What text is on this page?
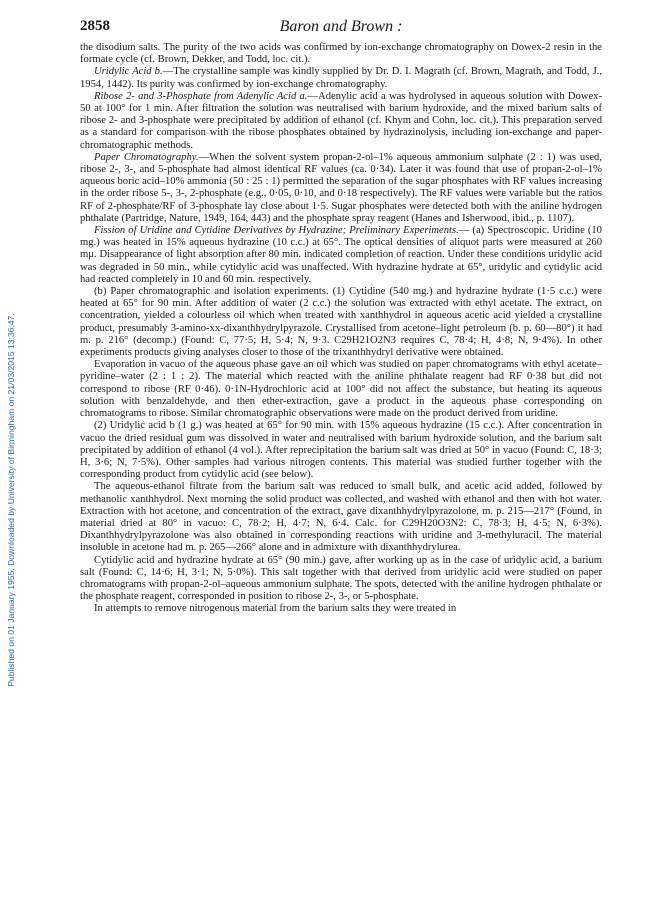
Published on 01 January 1955. Downloaded by University of Birmingham on 21/03/2015 13:36:47.
2858	Baron and Brown :

the disodium salts. The purity of the two acids was confirmed by ion-exchange chromatography on Dowex-2 resin in the formate cycle (cf. Brown, Dekker, and Todd, loc. cit.).

Uridylic Acid b.—The crystalline sample was kindly supplied by Dr. D. I. Magrath (cf. Brown, Magrath, and Todd, J., 1954, 1442). Its purity was confirmed by ion-exchange chromatography.

Ribose 2- and 3-Phosphate from Adenylic Acid a.—Adenylic acid a was hydrolysed in aqueous solution with Dowex-50 at 100° for 1 min. After filtration the solution was neutralised with barium hydroxide, and the mixed barium salts of ribose 2- and 3-phosphate were precipitated by addition of ethanol (cf. Khym and Cohn, loc. cit.). This preparation served as a standard for comparison with the ribose phosphates obtained by hydrazinolysis, including ion-exchange and paper-chromatographic methods.

Paper Chromatography.—When the solvent system propan-2-ol–1% aqueous ammonium sulphate (2 : 1) was used, ribose 2-, 3-, and 5-phosphate had almost identical RF values (ca. 0·34). Later it was found that use of propan-2-ol–1% aqueous boric acid–10% ammonia (50 : 25 : 1) permitted the separation of the sugar phosphates with RF values increasing in the order ribose 5-, 3-, 2-phosphate (e.g., 0·05, 0·10, and 0·18 respectively). The RF values were variable but the ratios RF of 2-phosphate/RF of 3-phosphate lay close about 1·5. Sugar phosphates were detected both with the aniline hydrogen phthalate (Partridge, Nature, 1949, 164, 443) and the phosphate spray reagent (Hanes and Isherwood, ibid., p. 1107).

Fission of Uridine and Cytidine Derivatives by Hydrazine; Preliminary Experiments.— (a) Spectroscopic. Uridine (10 mg.) was heated in 15% aqueous hydrazine (10 c.c.) at 65°. The optical densities of aliquot parts were measured at 260 mμ. Disappearance of light absorption after 80 min. indicated completion of reaction. Under these conditions uridylic acid was degraded in 50 min., while cytidylic acid was unaffected. With hydrazine hydrate at 65°, uridylic and cytidylic acid had reacted completely in 10 and 60 min. respectively.

(b) Paper chromatographic and isolation experiments. (1) Cytidine (540 mg.) and hydrazine hydrate (1·5 c.c.) were heated at 65° for 90 min. After addition of water (2 c.c.) the solution was extracted with ethyl acetate. The extract, on concentration, yielded a colourless oil which when treated with xanthhydrol in aqueous acetic acid yielded a crystalline product, presumably 3-amino-xx-dixanthhydrylpyrazole. Crystallised from acetone–light petroleum (b. p. 60—80°) it had m. p. 216° (decomp.) (Found: C, 77·5; H, 5·4; N, 9·3. C29H21O2N3 requires C, 78·4; H, 4·8; N, 9·4%). In other experiments products giving analyses closer to those of the trixanthhydryl derivative were obtained.

Evaporation in vacuo of the aqueous phase gave an oil which was studied on paper chromatograms with ethyl acetate–pyridine–water (2 : 1 : 2). The material which reacted with the aniline phthalate reagent had RF 0·38 but did not correspond to ribose (RF 0·46). 0·1N-Hydrochloric acid at 100° did not affect the substance, but heating its aqueous solution with benzaldehyde, and then ether-extraction, gave a product in the aqueous phase corresponding on chromatograms to ribose. Similar chromatographic observations were made on the product derived from uridine.

(2) Uridylic acid b (1 g.) was heated at 65° for 90 min. with 15% aqueous hydrazine (15 c.c.). After concentration in vacuo the dried residual gum was dissolved in water and neutralised with barium hydroxide solution, and the barium salt precipitated by addition of ethanol (4 vol.). After reprecipitation the barium salt was dried at 50° in vacuo (Found: C, 18·3; H, 3·6; N, 7·5%). Other samples had various nitrogen contents. This material was studied further together with the corresponding product from cytidylic acid (see below).

The aqueous-ethanol filtrate from the barium salt was reduced to small bulk, and acetic acid added, followed by methanolic xanthhydrol. Next morning the solid product was collected, and washed with ethanol and then with hot water. Extraction with hot acetone, and concentration of the extract, gave dixanthhydrylpyrazolone, m. p. 215—217° (Found, in material dried at 80° in vacuo: C, 78·2; H, 4·7; N, 6·4. Calc. for C29H20O3N2: C, 78·3; H, 4·5; N, 6·3%). Dixanthhydrylpyrazolone was also obtained in corresponding reactions with uridine and 3-methyluracil. The material insoluble in acetone had m. p. 265—266° alone and in admixture with dixanthhydrylurea.

Cytidylic acid and hydrazine hydrate at 65° (90 min.) gave, after working up as in the case of uridylic acid, a barium salt (Found: C, 14·6; H, 3·1; N, 5·0%). This salt together with that derived from uridylic acid were studied on paper chromatograms with propan-2-ol–aqueous ammonium sulphate. The spots, detected with the aniline hydrogen phthalate or the phosphate reagent, corresponded in position to ribose 2-, 3-, or 5-phosphate.

In attempts to remove nitrogenous material from the barium salts they were treated in
